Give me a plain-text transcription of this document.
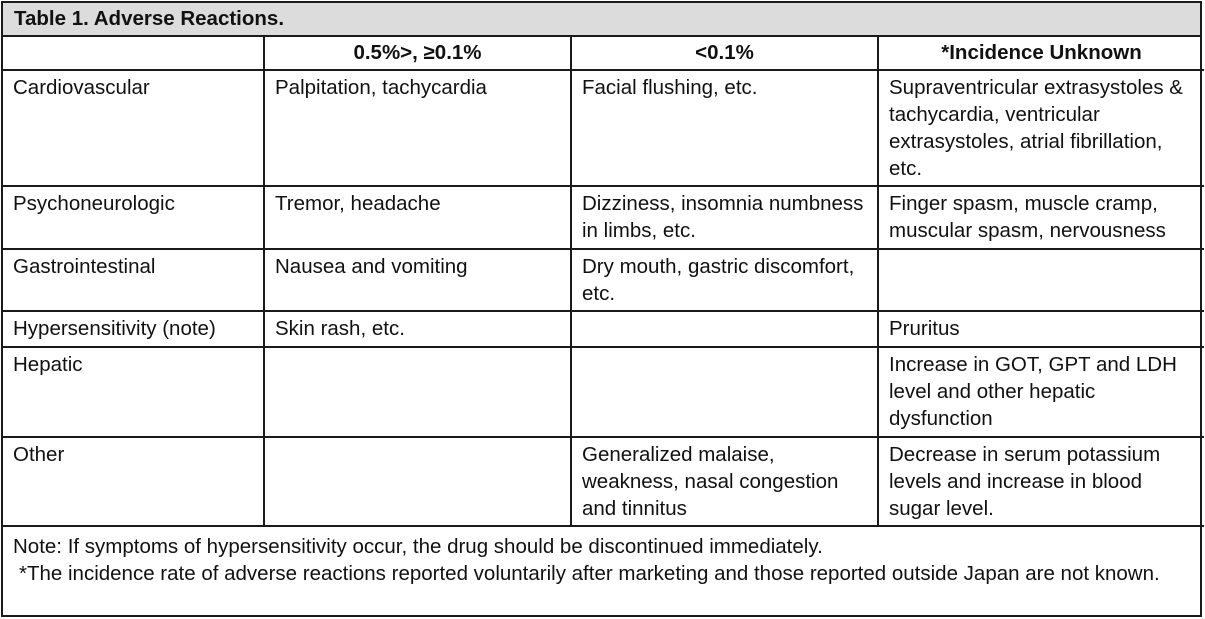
Table 1. Adverse Reactions.
	0.5%>, ≥0.1%	<0.1%	*Incidence Unknown
Cardiovascular	Palpitation, tachycardia	Facial flushing, etc.	Supraventricular extrasystoles & tachycardia, ventricular extrasystoles, atrial fibrillation, etc.
Psychoneurologic	Tremor, headache	Dizziness, insomnia numbness in limbs, etc.	Finger spasm, muscle cramp, muscular spasm, nervousness
Gastrointestinal	Nausea and vomiting	Dry mouth, gastric discomfort, etc.	
Hypersensitivity (note)	Skin rash, etc.		Pruritus
Hepatic			Increase in GOT, GPT and LDH level and other hepatic dysfunction
Other		Generalized malaise, weakness, nasal congestion and tinnitus	Decrease in serum potassium levels and increase in blood sugar level.
Note: If symptoms of hypersensitivity occur, the drug should be discontinued immediately.
*The incidence rate of adverse reactions reported voluntarily after marketing and those reported outside Japan are not known.
